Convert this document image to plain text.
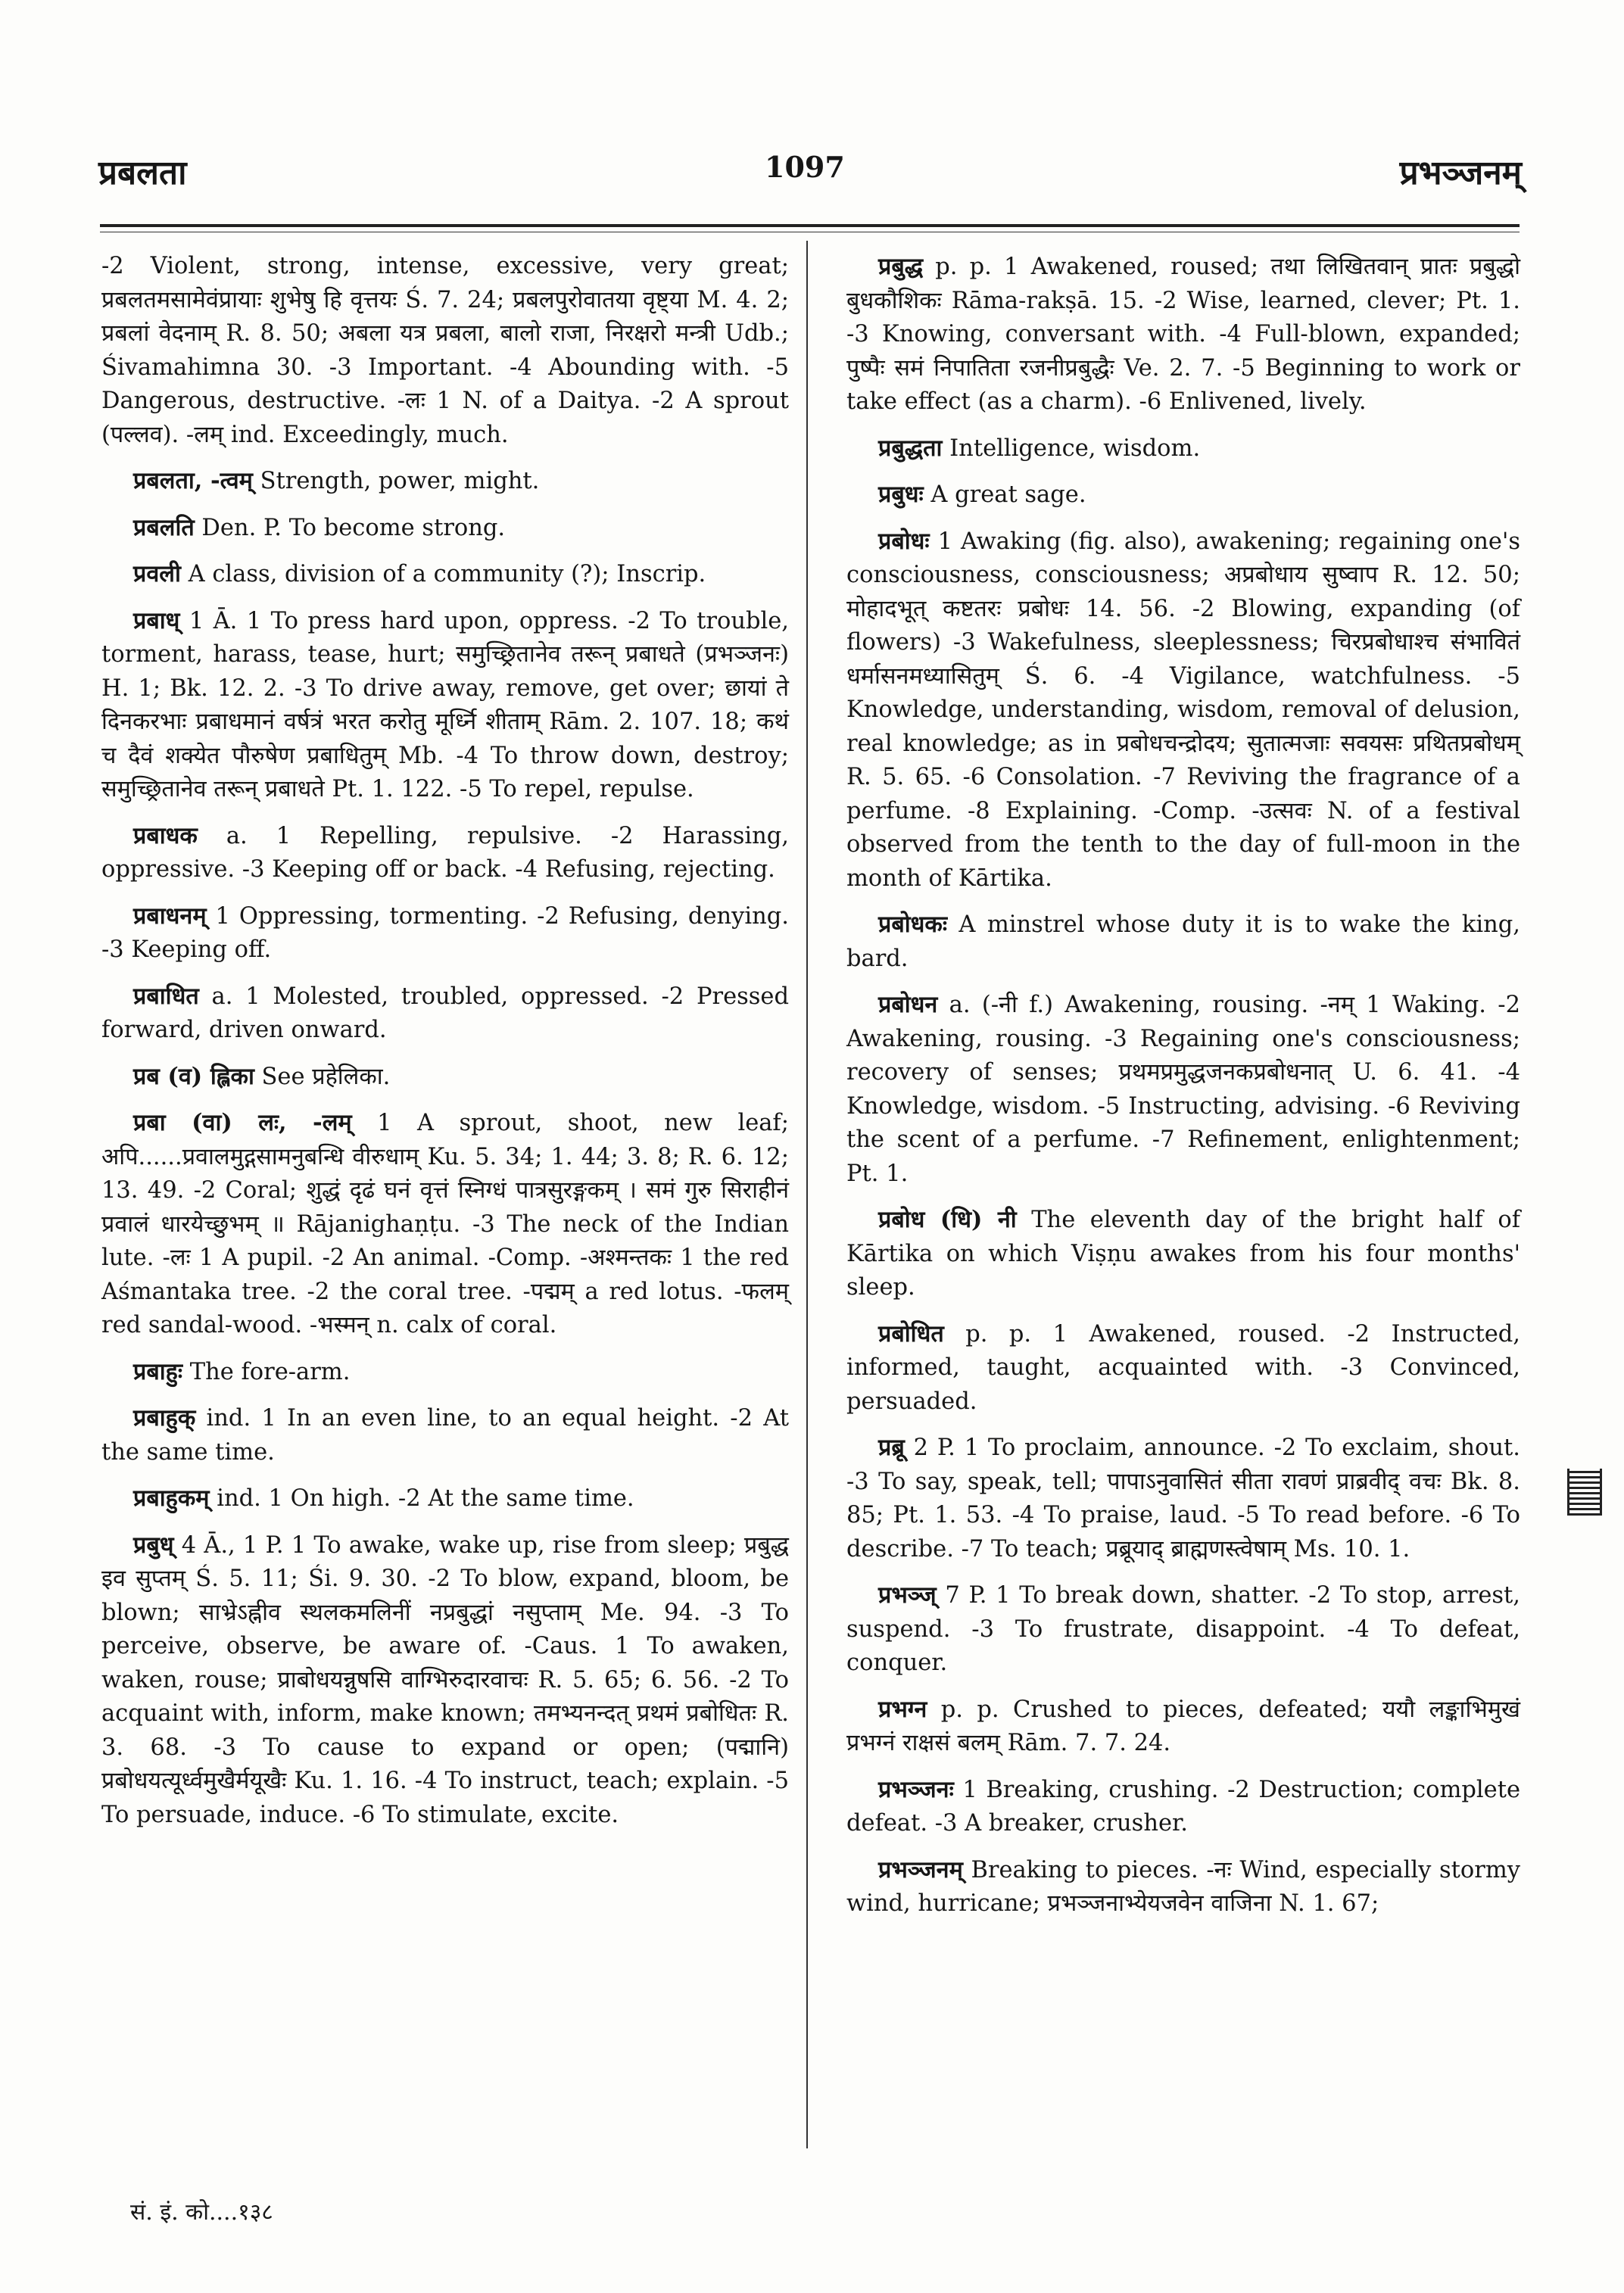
प्रबलता	1097	प्रभञ्जनम्

-2 Violent, strong, intense, excessive, very great; प्रबलतमसामेवंप्रायाः शुभेषु हि वृत्तयः Ś. 7. 24; प्रबलपुरोवातया वृष्ट्या M. 4. 2; प्रबलां वेदनाम् R. 8. 50; अबला यत्र प्रबला, बालो राजा, निरक्षरो मन्त्री Udb.; Śivamahimna 30. -3 Important. -4 Abounding with. -5 Dangerous, destructive. -लः 1 N. of a Daitya. -2 A sprout (पल्लव). -लम् ind. Exceedingly, much.

प्रबलता, -त्वम् Strength, power, might.

प्रबलति Den. P. To become strong.

प्रवली A class, division of a community (?); Inscrip.

प्रबाध् 1 Ā. 1 To press hard upon, oppress. -2 To trouble, torment, harass, tease, hurt; समुच्छ्रितानेव तरून् प्रबाधते (प्रभञ्जनः) H. 1; Bk. 12. 2. -3 To drive away, remove, get over; छायां ते दिनकरभाः प्रबाधमानं वर्षत्रं भरत करोतु मूर्ध्नि शीताम् Rām. 2. 107. 18; कथं च दैवं शक्येत पौरुषेण प्रबाधितुम् Mb. -4 To throw down, destroy; समुच्छ्रितानेव तरून् प्रबाधते Pt. 1. 122. -5 To repel, repulse.

प्रबाधक a. 1 Repelling, repulsive. -2 Harassing, oppressive. -3 Keeping off or back. -4 Refusing, rejecting.

प्रबाधनम् 1 Oppressing, tormenting. -2 Refusing, denying. -3 Keeping off.

प्रबाधित a. 1 Molested, troubled, oppressed. -2 Pressed forward, driven onward.

प्रब (व) ह्लिका See प्रहेलिका.

प्रबा (वा) लः, -लम् 1 A sprout, shoot, new leaf; अपि......प्रवालमुद्गसामनुबन्धि वीरुधाम् Ku. 5. 34; 1. 44; 3. 8; R. 6. 12; 13. 49. -2 Coral; शुद्धं दृढं घनं वृत्तं स्निग्धं पात्रसुरङ्गकम् । समं गुरु सिराहीनं प्रवालं धारयेच्छुभम् ॥ Rājanighaṇṭu. -3 The neck of the Indian lute. -लः 1 A pupil. -2 An animal. -Comp. -अश्मन्तकः 1 the red Aśmantaka tree. -2 the coral tree. -पद्मम् a red lotus. -फलम् red sandal-wood. -भस्मन् n. calx of coral.

प्रबाहुः The fore-arm.

प्रबाहुक् ind. 1 In an even line, to an equal height. -2 At the same time.

प्रबाहुकम् ind. 1 On high. -2 At the same time.

प्रबुध् 4 Ā., 1 P. 1 To awake, wake up, rise from sleep; प्रबुद्ध इव सुप्तम् Ś. 5. 11; Śi. 9. 30. -2 To blow, expand, bloom, be blown; साभ्रेऽह्नीव स्थलकमलिनीं नप्रबुद्धां नसुप्ताम् Me. 94. -3 To perceive, observe, be aware of. -Caus. 1 To awaken, waken, rouse; प्राबोधयन्नुषसि वाग्भिरुदारवाचः R. 5. 65; 6. 56. -2 To acquaint with, inform, make known; तमभ्यनन्दत् प्रथमं प्रबोधितः R. 3. 68. -3 To cause to expand or open; (पद्मानि) प्रबोधयत्यूर्ध्वमुखैर्मयूखैः Ku. 1. 16. -4 To instruct, teach; explain. -5 To persuade, induce. -6 To stimulate, excite.

प्रबुद्ध p. p. 1 Awakened, roused; तथा लिखितवान् प्रातः प्रबुद्धो बुधकौशिकः Rāma-rakṣā. 15. -2 Wise, learned, clever; Pt. 1. -3 Knowing, conversant with. -4 Full-blown, expanded; पुष्पैः समं निपातिता रजनीप्रबुद्धैः Ve. 2. 7. -5 Beginning to work or take effect (as a charm). -6 Enlivened, lively.

प्रबुद्धता Intelligence, wisdom.

प्रबुधः A great sage.

प्रबोधः 1 Awaking (fig. also), awakening; regaining one's consciousness, consciousness; अप्रबोधाय सुष्वाप R. 12. 50; मोहादभूत् कष्टतरः प्रबोधः 14. 56. -2 Blowing, expanding (of flowers) -3 Wakefulness, sleeplessness; चिरप्रबोधाश्च संभावितं धर्मासनमध्यासितुम् Ś. 6. -4 Vigilance, watchfulness. -5 Knowledge, understanding, wisdom, removal of delusion, real knowledge; as in प्रबोधचन्द्रोदय; सुतात्मजाः सवयसः प्रथितप्रबोधम् R. 5. 65. -6 Consolation. -7 Reviving the fragrance of a perfume. -8 Explaining. -Comp. -उत्सवः N. of a festival observed from the tenth to the day of full-moon in the month of Kārtika.

प्रबोधकः A minstrel whose duty it is to wake the king, bard.

प्रबोधन a. (-नी f.) Awakening, rousing. -नम् 1 Waking. -2 Awakening, rousing. -3 Regaining one's consciousness; recovery of senses; प्रथमप्रमुद्धजनकप्रबोधनात् U. 6. 41. -4 Knowledge, wisdom. -5 Instructing, advising. -6 Reviving the scent of a perfume. -7 Refinement, enlightenment; Pt. 1.

प्रबोध (धि) नी The eleventh day of the bright half of Kārtika on which Viṣṇu awakes from his four months' sleep.

प्रबोधित p. p. 1 Awakened, roused. -2 Instructed, informed, taught, acquainted with. -3 Convinced, persuaded.

प्रब्रू 2 P. 1 To proclaim, announce. -2 To exclaim, shout. -3 To say, speak, tell; पापाऽनुवासितं सीता रावणं प्राब्रवीद् वचः Bk. 8. 85; Pt. 1. 53. -4 To praise, laud. -5 To read before. -6 To describe. -7 To teach; प्रब्रूयाद् ब्राह्मणस्त्वेषाम् Ms. 10. 1.

प्रभञ्ज् 7 P. 1 To break down, shatter. -2 To stop, arrest, suspend. -3 To frustrate, disappoint. -4 To defeat, conquer.

प्रभग्न p. p. Crushed to pieces, defeated; ययौ लङ्काभिमुखं प्रभग्नं राक्षसं बलम् Rām. 7. 7. 24.

प्रभञ्जनः 1 Breaking, crushing. -2 Destruction; complete defeat. -3 A breaker, crusher.

प्रभञ्जनम् Breaking to pieces. -नः Wind, especially stormy wind, hurricane; प्रभञ्जनाभ्येयजवेन वाजिना N. 1. 67;

सं. इं. को....१३८
